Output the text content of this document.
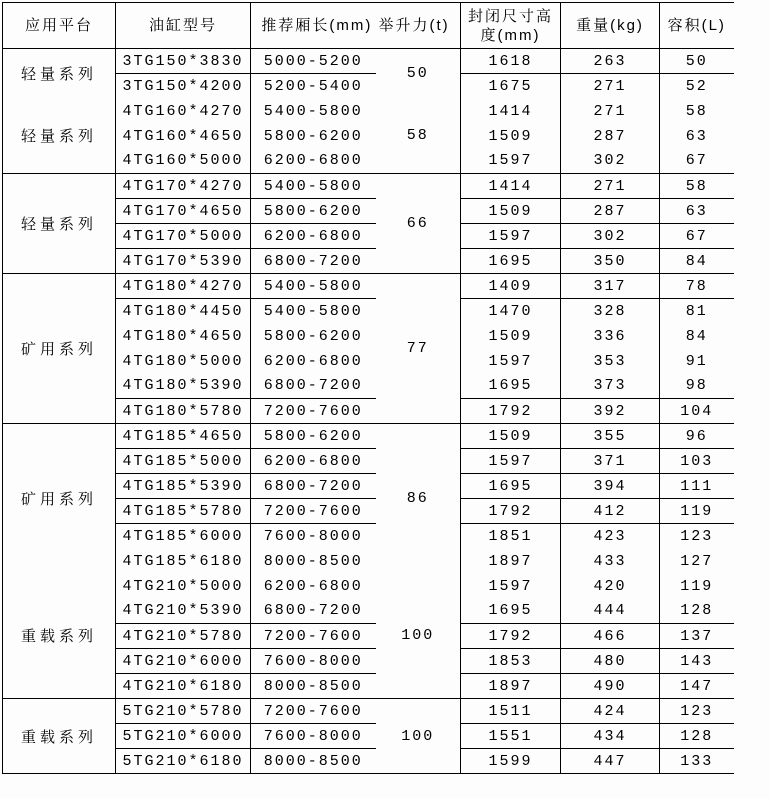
应用平台	油缸型号	推荐厢长(mm) 举升力(t)		封闭尺寸高度(mm)	重量(kg)	容积(L)
轻量系列	3TG150*3830	5000-5200	50	1618	263	50
	3TG150*4200	5200-5400		1675	271	52
轻量系列	4TG160*4270	5400-5800	58	1414	271	58
	4TG160*4650	5800-6200		1509	287	63
	4TG160*5000	6200-6800		1597	302	67
轻量系列	4TG170*4270	5400-5800	66	1414	271	58
	4TG170*4650	5800-6200		1509	287	63
	4TG170*5000	6200-6800		1597	302	67
	4TG170*5390	6800-7200		1695	350	84
矿用系列	4TG180*4270	5400-5800	77	1409	317	78
	4TG180*4450	5400-5800		1470	328	81
	4TG180*4650	5800-6200		1509	336	84
	4TG180*5000	6200-6800		1597	353	91
	4TG180*5390	6800-7200		1695	373	98
	4TG180*5780	7200-7600		1792	392	104
矿用系列	4TG185*4650	5800-6200	86	1509	355	96
	4TG185*5000	6200-6800		1597	371	103
	4TG185*5390	6800-7200		1695	394	111
	4TG185*5780	7200-7600		1792	412	119
	4TG185*6000	7600-8000		1851	423	123
	4TG185*6180	8000-8500		1897	433	127
重载系列	4TG210*5000	6200-6800	100	1597	420	119
	4TG210*5390	6800-7200		1695	444	128
	4TG210*5780	7200-7600		1792	466	137
	4TG210*6000	7600-8000		1853	480	143
	4TG210*6180	8000-8500		1897	490	147
重载系列	5TG210*5780	7200-7600	100	1511	424	123
	5TG210*6000	7600-8000		1551	434	128
	5TG210*6180	8000-8500		1599	447	133
